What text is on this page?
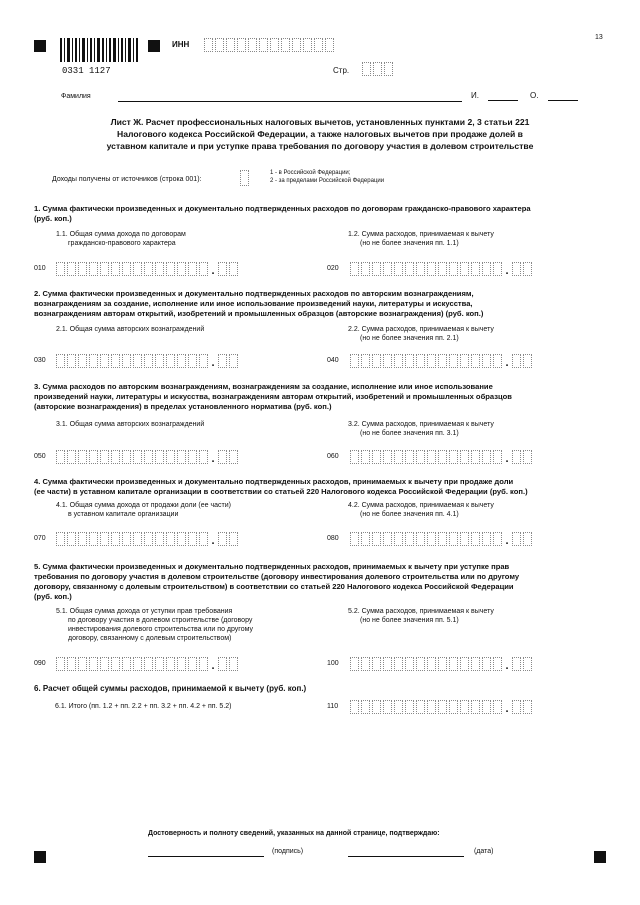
13
0331 1127
ИНН
Стр.
Фамилия	И.	О.
Лист Ж. Расчет профессиональных налоговых вычетов, установленных пунктами 2, 3 статьи 221
Налогового кодекса Российской Федерации, а также налоговых вычетов при продаже долей в
уставном капитале и при уступке права требования по договору участия в долевом строительстве
Доходы получены от источников (строка 001):
1 - в Российской Федерации;
2 - за пределами Российской Федерации
1. Сумма фактически произведенных и документально подтвержденных расходов по договорам гражданско-правового характера
(руб. коп.)
1.1. Общая сумма дохода по договорам
гражданско-правового характера
1.2. Сумма расходов, принимаемая к вычету
(но не более значения пп. 1.1)
010	.	020	.
2. Сумма фактически произведенных и документально подтвержденных расходов по авторским вознаграждениям,
вознаграждениям за создание, исполнение или иное использование произведений науки, литературы и искусства,
вознаграждениям авторам открытий, изобретений и промышленных образцов (авторские вознаграждения) (руб. коп.)
2.1. Общая сумма авторских вознаграждений	2.2. Сумма расходов, принимаемая к вычету
(но не более значения пп. 2.1)
030	.	040	.
3. Сумма расходов по авторским вознаграждениям, вознаграждениям за создание, исполнение или иное использование
произведений науки, литературы и искусства, вознаграждениям авторам открытий, изобретений и промышленных образцов
(авторские вознаграждения) в пределах установленного норматива (руб. коп.)
3.1. Общая сумма авторских вознаграждений	3.2. Сумма расходов, принимаемая к вычету
(но не более значения пп. 3.1)
050	.	060	.
4. Сумма фактически произведенных и документально подтвержденных расходов, принимаемых к вычету при продаже доли
(ее части) в уставном капитале организации в соответствии со статьей 220 Налогового кодекса Российской Федерации (руб. коп.)
4.1. Общая сумма дохода от продажи доли (ее части)
в уставном капитале организации
4.2. Сумма расходов, принимаемая к вычету
(но не более значения пп. 4.1)
070	.	080	.
5. Сумма фактически произведенных и документально подтвержденных расходов, принимаемых к вычету при уступке прав
требования по договору участия в долевом строительстве (договору инвестирования долевого строительства или по другому
договору, связанному с долевым строительством) в соответствии со статьей 220 Налогового кодекса Российской Федерации
(руб. коп.)
5.1. Общая сумма дохода от уступки прав требования
по договору участия в долевом строительстве (договору
инвестирования долевого строительства или по другому
договору, связанному с долевым строительством)
5.2. Сумма расходов, принимаемая к вычету
(но не более значения пп. 5.1)
090	.	100	.
6. Расчет общей суммы расходов, принимаемой к вычету (руб. коп.)
6.1. Итого (пп. 1.2 + пп. 2.2 + пп. 3.2 + пп. 4.2 + пп. 5.2)	110	.
Достоверность и полноту сведений, указанных на данной странице, подтверждаю:
(подпись)	(дата)
